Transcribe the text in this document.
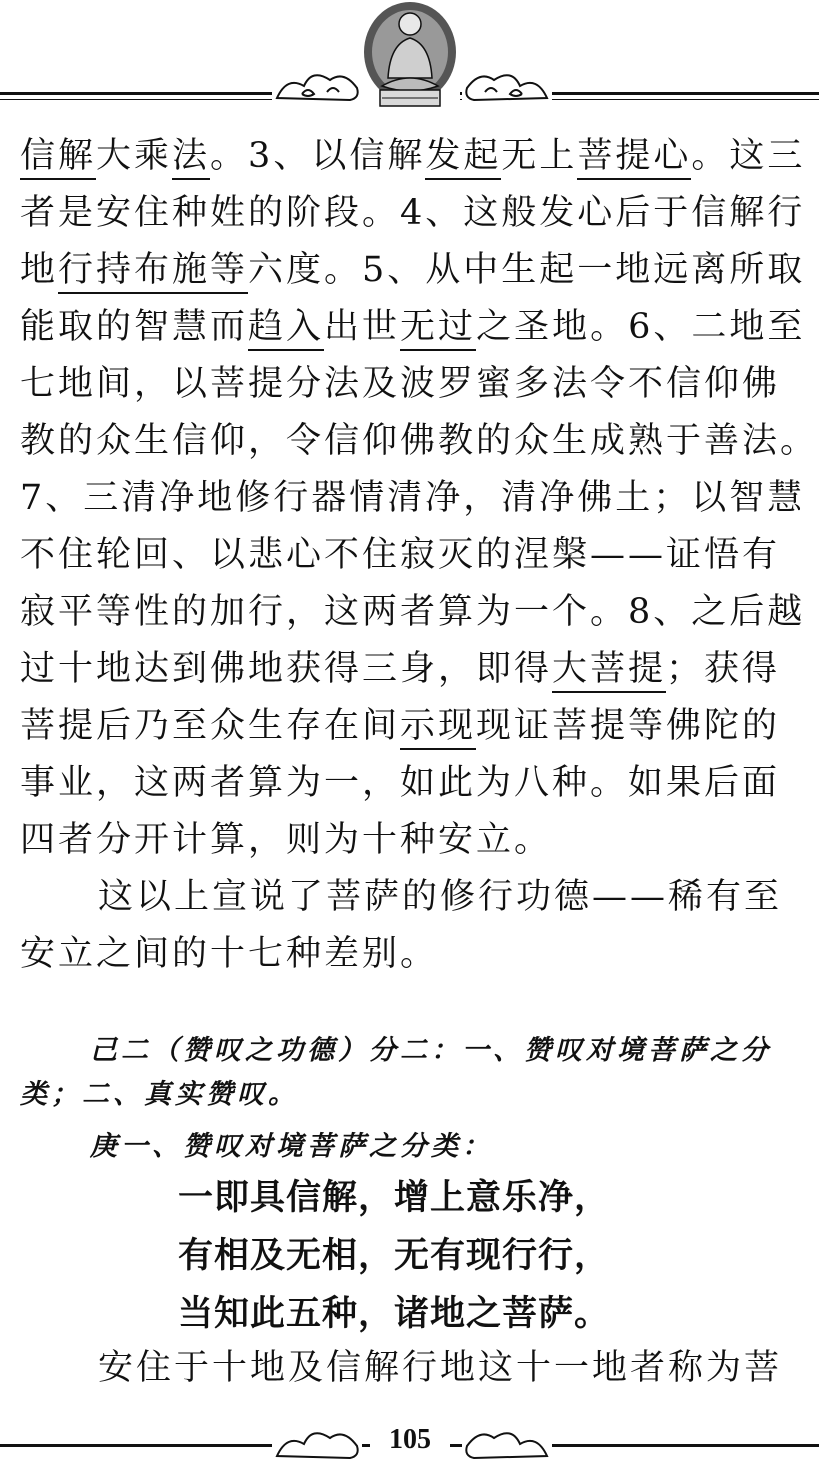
信解大乘法。3、以信解发起无上菩提心。这三
者是安住种姓的阶段。4、这般发心后于信解行
地行持布施等六度。5、从中生起一地远离所取
能取的智慧而趋入出世无过之圣地。6、二地至
七地间，以菩提分法及波罗蜜多法令不信仰佛
教的众生信仰，令信仰佛教的众生成熟于善法。
7、三清净地修行器情清净，清净佛土；以智慧
不住轮回、以悲心不住寂灭的涅槃——证悟有
寂平等性的加行，这两者算为一个。8、之后越
过十地达到佛地获得三身，即得大菩提；获得
菩提后乃至众生存在间示现现证菩提等佛陀的
事业，这两者算为一，如此为八种。如果后面
四者分开计算，则为十种安立。
这以上宣说了菩萨的修行功德——稀有至
安立之间的十七种差别。
己二（赞叹之功德）分二：一、赞叹对境菩萨之分
类；二、真实赞叹。
庚一、赞叹对境菩萨之分类：
一即具信解，增上意乐净，
有相及无相，无有现行行，
当知此五种，诸地之菩萨。
安住于十地及信解行地这十一地者称为菩
105
